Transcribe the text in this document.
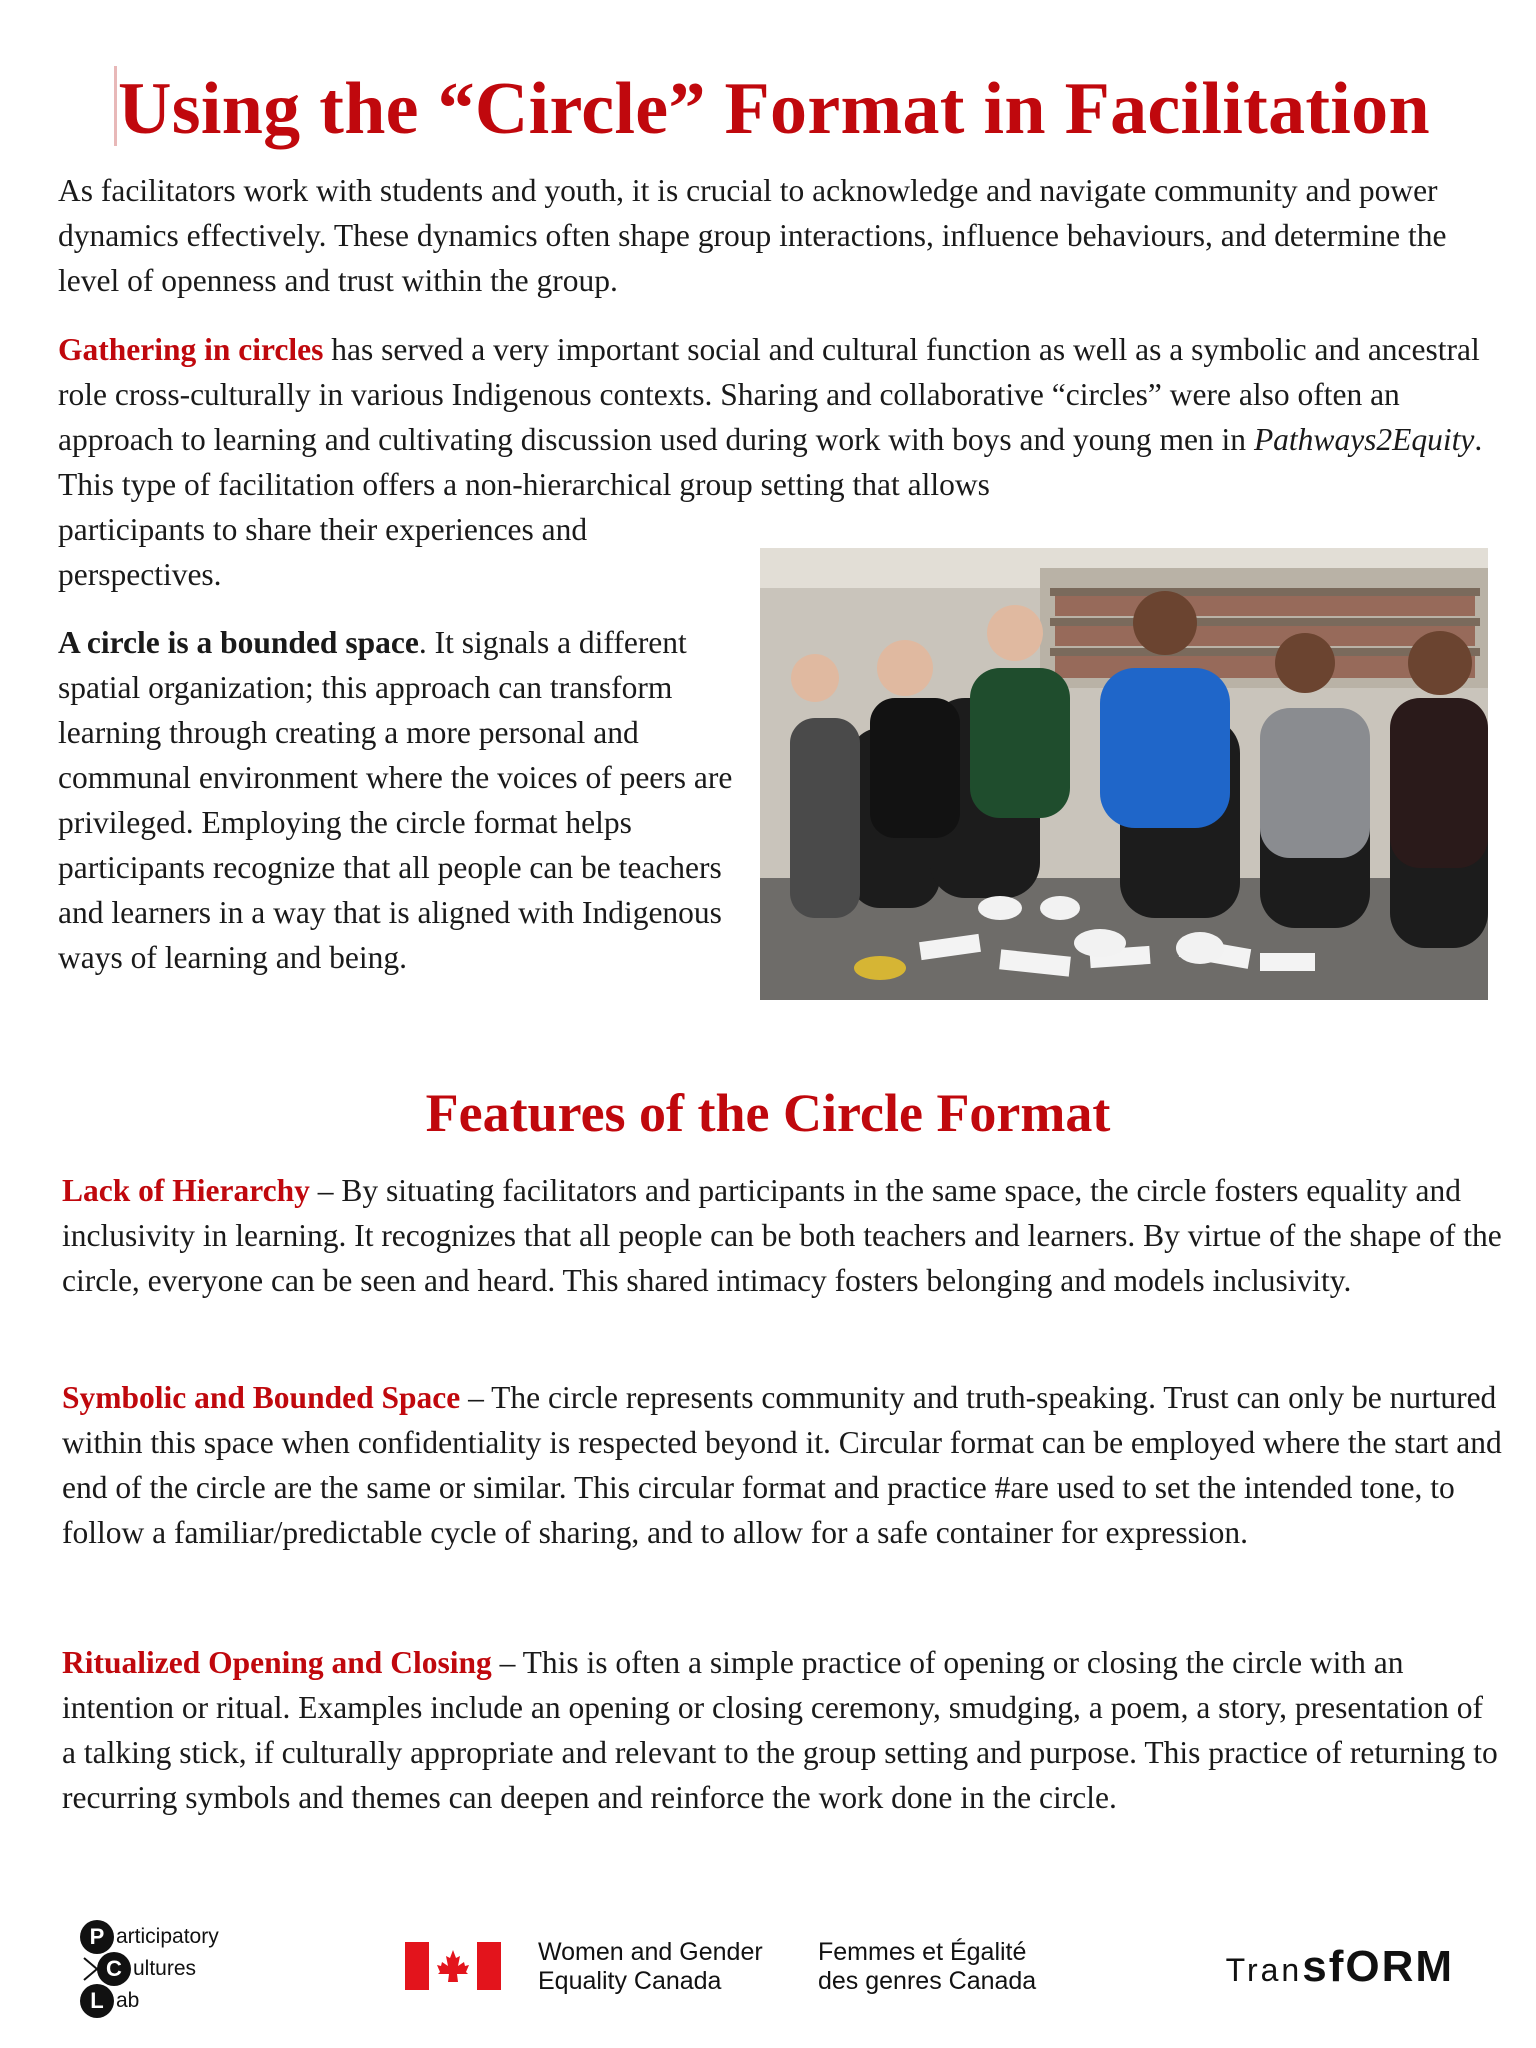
Using the “Circle” Format in Facilitation

As facilitators work with students and youth, it is crucial to acknowledge and navigate community and power dynamics effectively. These dynamics often shape group interactions, influence behaviours, and determine the level of openness and trust within the group.

Gathering in circles has served a very important social and cultural function as well as a symbolic and ancestral role cross-culturally in various Indigenous contexts. Sharing and collaborative “circles” were also often an approach to learning and cultivating discussion used during work with boys and young men in Pathways2Equity. This type of facilitation offers a non-hierarchical group setting that allows

participants to share their experiences and perspectives.

A circle is a bounded space. It signals a different spatial organization; this approach can transform learning through creating a more personal and communal environment where the voices of peers are privileged. Employing the circle format helps participants recognize that all people can be teachers and learners in a way that is aligned with Indigenous ways of learning and being.

Features of the Circle Format

Lack of Hierarchy – By situating facilitators and participants in the same space, the circle fosters equality and inclusivity in learning. It recognizes that all people can be both teachers and learners. By virtue of the shape of the circle, everyone can be seen and heard. This shared intimacy fosters belonging and models inclusivity.

Symbolic and Bounded Space – The circle represents community and truth-speaking. Trust can only be nurtured within this space when confidentiality is respected beyond it. Circular format can be employed where the start and end of the circle are the same or similar. This circular format and practice #are used to set the intended tone, to follow a familiar/predictable cycle of sharing, and to allow for a safe container for expression.

Ritualized Opening and Closing – This is often a simple practice of opening or closing the circle with an intention or ritual. Examples include an opening or closing ceremony, smudging, a poem, a story, presentation of a talking stick, if culturally appropriate and relevant to the group setting and purpose. This practice of returning to recurring symbols and themes can deepen and reinforce the work done in the circle.

P articipatory
C ultures
L ab
Women and Gender
Equality Canada
Femmes et Égalité
des genres Canada	TransfORM
